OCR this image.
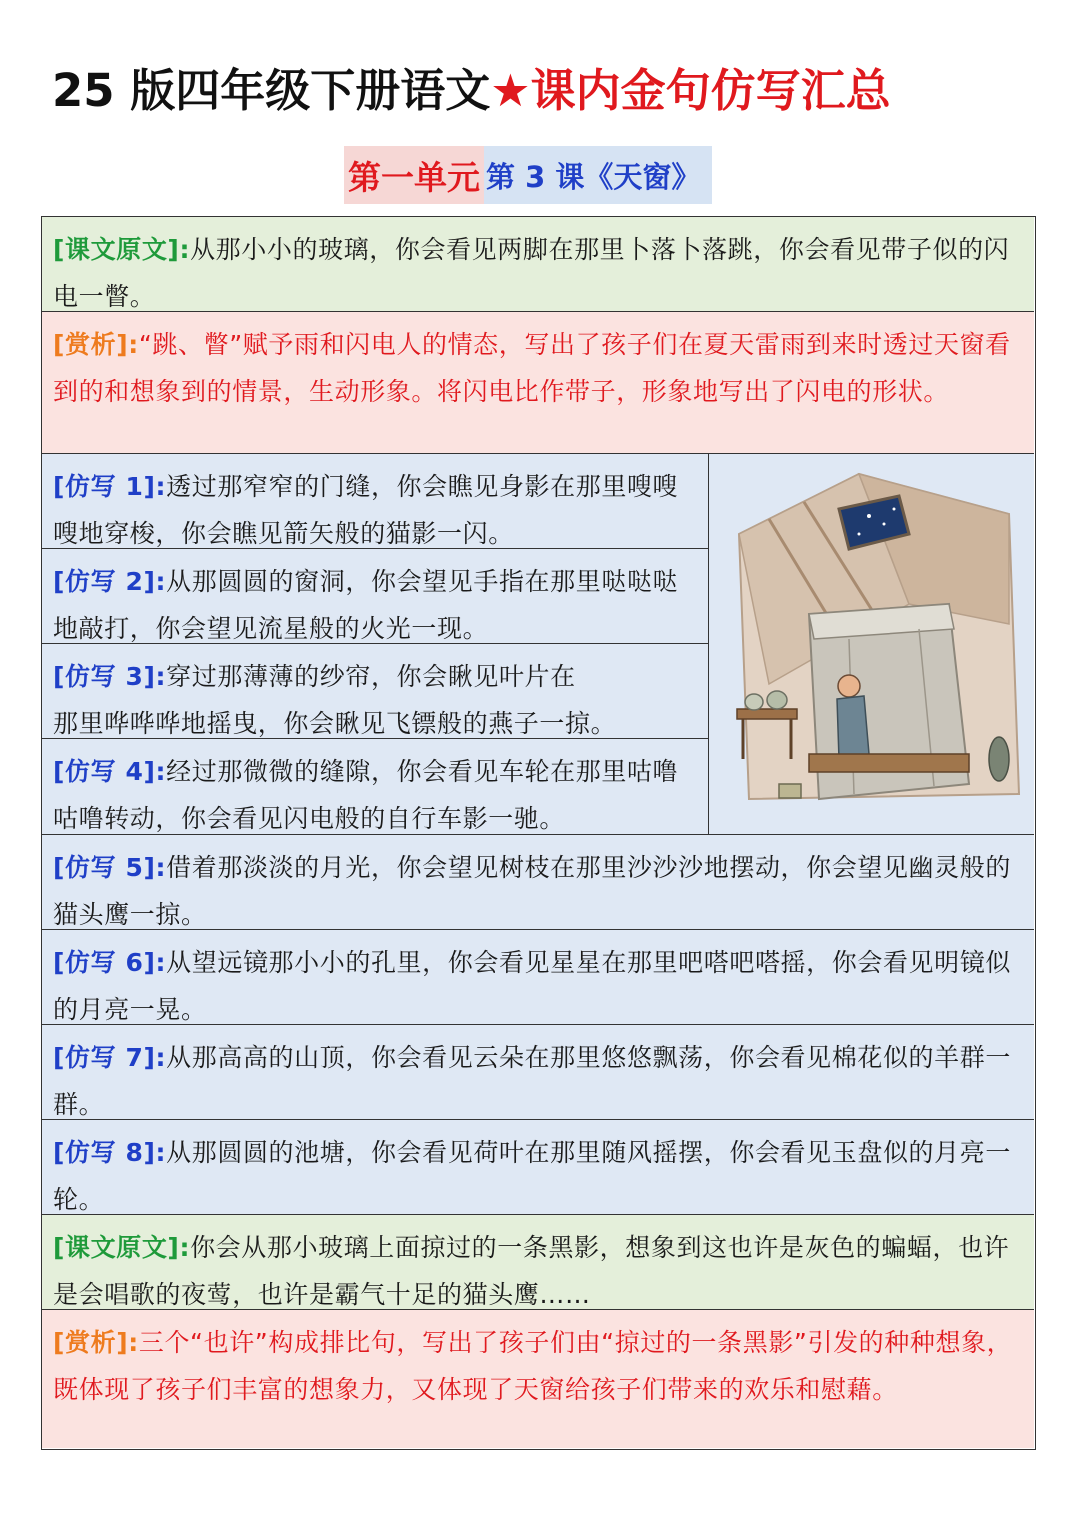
25 版四年级下册语文★课内金句仿写汇总
第一单元 第 3 课《天窗》
[课文原文]:从那小小的玻璃，你会看见两脚在那里卜落卜落跳，你会看见带子似的闪电一瞥。
[赏析]:“跳、瞥”赋予雨和闪电人的情态，写出了孩子们在夏天雷雨到来时透过天窗看到的和想象到的情景，生动形象。将闪电比作带子，形象地写出了闪电的形状。
[仿写 1]:透过那窄窄的门缝，你会瞧见身影在那里嗖嗖嗖地穿梭，你会瞧见箭矢般的猫影一闪。
[仿写 2]:从那圆圆的窗洞，你会望见手指在那里哒哒哒地敲打，你会望见流星般的火光一现。
[仿写 3]:穿过那薄薄的纱帘，你会瞅见叶片在
那里哗哗哗地摇曳，你会瞅见飞镖般的燕子一掠。
[仿写 4]:经过那微微的缝隙，你会看见车轮在那里咕噜咕噜转动，你会看见闪电般的自行车影一驰。
[仿写 5]:借着那淡淡的月光，你会望见树枝在那里沙沙沙地摆动，你会望见幽灵般的猫头鹰一掠。
[仿写 6]:从望远镜那小小的孔里，你会看见星星在那里吧嗒吧嗒摇，你会看见明镜似的月亮一晃。
[仿写 7]:从那高高的山顶，你会看见云朵在那里悠悠飘荡，你会看见棉花似的羊群一群。
[仿写 8]:从那圆圆的池塘，你会看见荷叶在那里随风摇摆，你会看见玉盘似的月亮一轮。
[课文原文]:你会从那小玻璃上面掠过的一条黑影，想象到这也许是灰色的蝙蝠，也许是会唱歌的夜莺，也许是霸气十足的猫头鹰……
[赏析]:三个“也许”构成排比句，写出了孩子们由“掠过的一条黑影”引发的种种想象，既体现了孩子们丰富的想象力，又体现了天窗给孩子们带来的欢乐和慰藉。
